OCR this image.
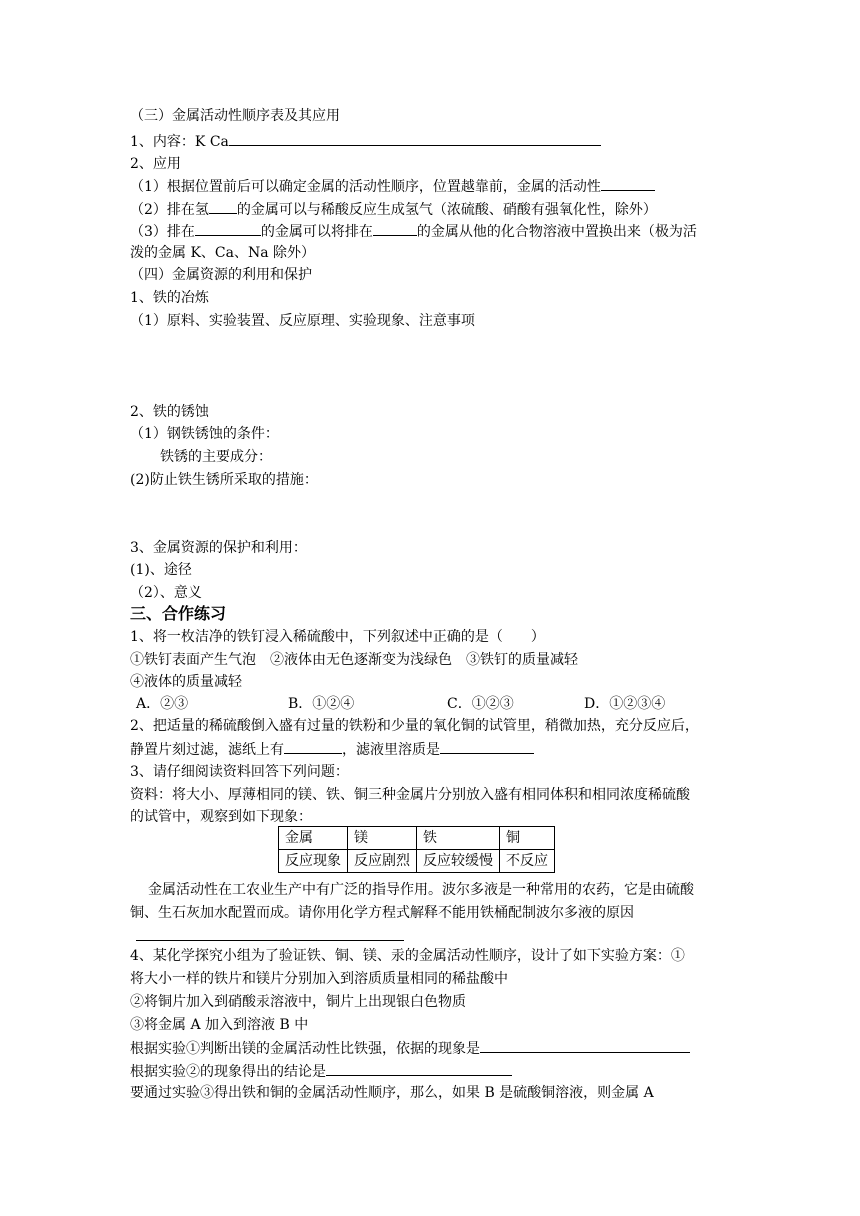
（三）金属活动性顺序表及其应用
1、内容：K Ca
2、应用
（1）根据位置前后可以确定金属的活动性顺序，位置越靠前，金属的活动性
（2）排在氢 的金属可以与稀酸反应生成氢气（浓硫酸、硝酸有强氧化性，除外）
（3）排在	的金属可以将排在	的金属从他的化合物溶液中置换出来（极为活
泼的金属 K、Ca、Na 除外）
（四）金属资源的利用和保护
1、铁的冶炼
（1）原料、实验装置、反应原理、实验现象、注意事项
2、铁的锈蚀
（1）钢铁锈蚀的条件：
铁锈的主要成分：
(2)防止铁生锈所采取的措施：
3、金属资源的保护和利用：
(1)、途径
（2）、意义
三、合作练习
1、将一枚洁净的铁钉浸入稀硫酸中，下列叙述中正确的是（　　）
①铁钉表面产生气泡　②液体由无色逐渐变为浅绿色　③铁钉的质量减轻
④液体的质量减轻
A．②③	B．①②④	C．①②③	D．①②③④
2、把适量的稀硫酸倒入盛有过量的铁粉和少量的氧化铜的试管里，稍微加热，充分反应后，
静置片刻过滤，滤纸上有	，滤液里溶质是
3、请仔细阅读资料回答下列问题：
资料：将大小、厚薄相同的镁、铁、铜三种金属片分别放入盛有相同体积和相同浓度稀硫酸
的试管中，观察到如下现象：
金属	镁	铁	铜
反应现象	反应剧烈	反应较缓慢	不反应
金属活动性在工农业生产中有广泛的指导作用。波尔多液是一种常用的农药，它是由硫酸
铜、生石灰加水配置而成。请你用化学方程式解释不能用铁桶配制波尔多液的原因
4、某化学探究小组为了验证铁、铜、镁、汞的金属活动性顺序，设计了如下实验方案：①
将大小一样的铁片和镁片分别加入到溶质质量相同的稀盐酸中
②将铜片加入到硝酸汞溶液中，铜片上出现银白色物质
③将金属 A 加入到溶液 B 中
根据实验①判断出镁的金属活动性比铁强，依据的现象是
根据实验②的现象得出的结论是
要通过实验③得出铁和铜的金属活动性顺序，那么，如果 B 是硫酸铜溶液，则金属 A
